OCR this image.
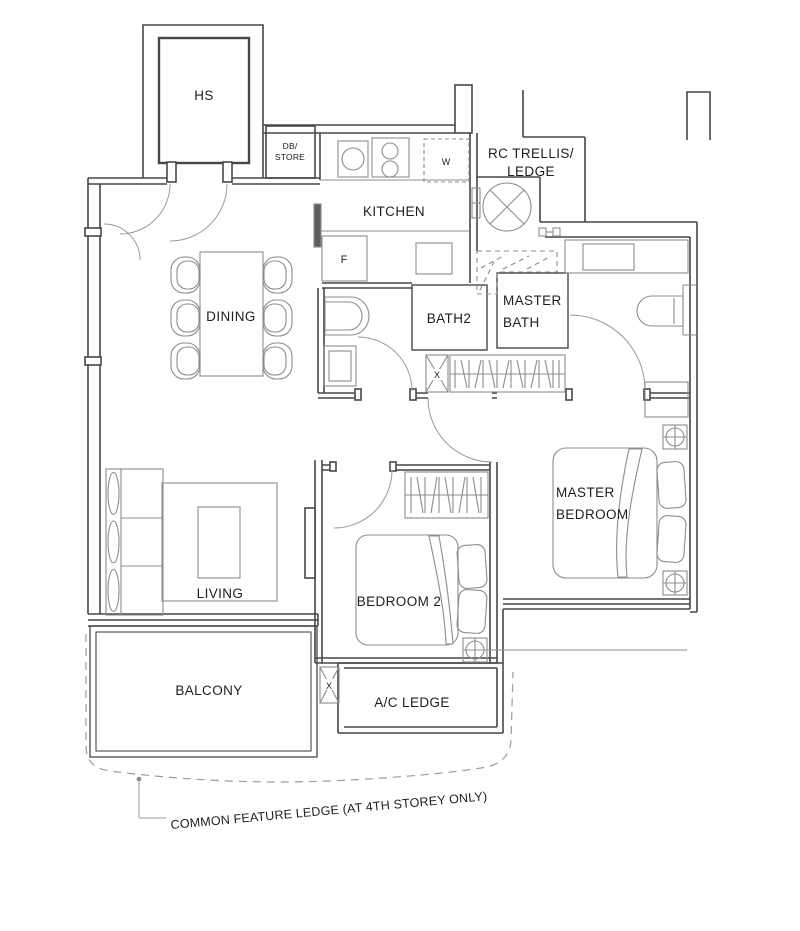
HS
DB/
STORE
KITCHEN
RC TRELLIS/
LEDGE
W
F
BATH2
MASTER
BATH
DINING
MASTER
BEDROOM
LIVING
BEDROOM 2
BALCONY
A/C LEDGE
X
X
COMMON FEATURE LEDGE (AT 4TH STOREY ONLY)
